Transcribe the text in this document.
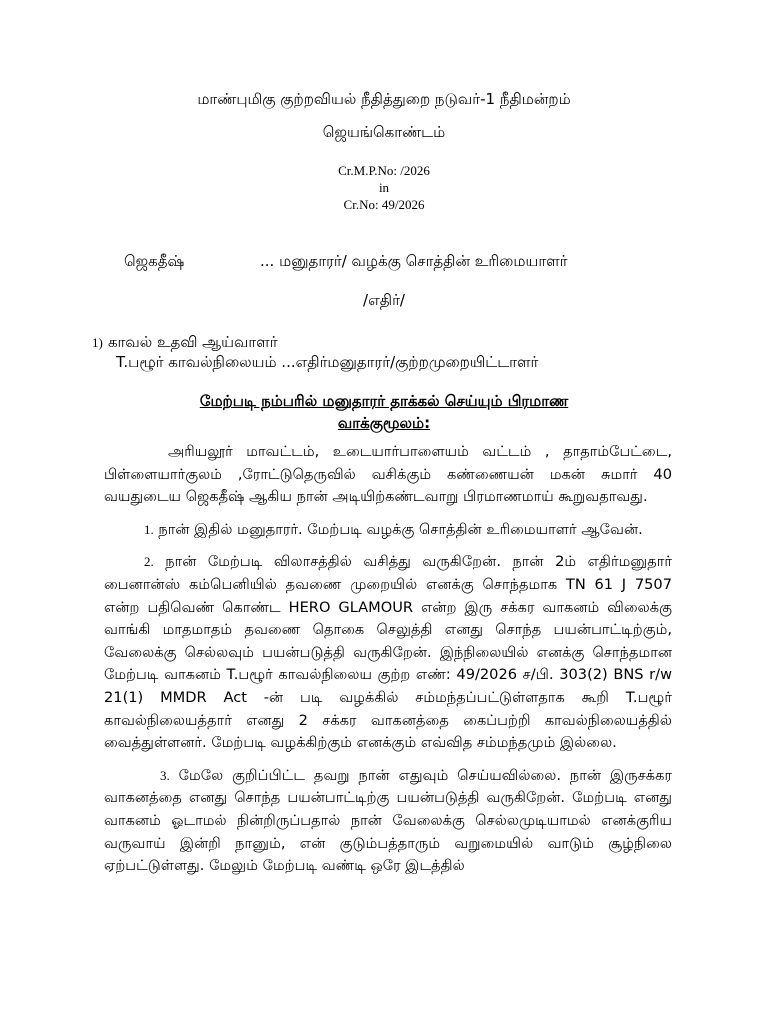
மாண்புமிகு குற்றவியல் நீதித்துறை நடுவர்-1 நீதிமன்றம்
ஜெயங்கொண்டம்
Cr.M.P.No: /2026
in
Cr.No: 49/2026
ஜெகதீஷ்	... மனுதாரர்/ வழக்கு சொத்தின் உரிமையாளர்
/எதிர்/
1) காவல் உதவி ஆய்வாளர்
T.பழூர் காவல்நிலையம் ...எதிர்மனுதாரர்/குற்றமுறையிட்டாளர்
மேற்படி நம்பரில் மனுதாரர் தாக்கல் செய்யும் பிரமாண
வாக்குமூலம்:

அரியலூர் மாவட்டம், உடையார்பாளையம் வட்டம் , தாதாம்பேட்டை, பிள்ளையார்குலம் ,ரோட்டுதெருவில் வசிக்கும் கண்ணையன் மகன் சுமார் 40 வயதுடைய ஜெகதீஷ் ஆகிய நான் அடியிற்கண்டவாறு பிரமாணமாய் கூறுவதாவது.

1. நான் இதில் மனுதாரர். மேற்படி வழக்கு சொத்தின் உரிமையாளர் ஆவேன்.

2. நான் மேற்படி விலாசத்தில் வசித்து வருகிறேன். நான் 2ம் எதிர்மனுதார் பைனான்ஸ் கம்பெனியில் தவணை முறையில் எனக்கு சொந்தமாக TN 61 J 7507 என்ற பதிவெண் கொண்ட HERO GLAMOUR என்ற இரு சக்கர வாகனம் விலைக்கு வாங்கி மாதமாதம் தவணை தொகை செலுத்தி எனது சொந்த பயன்பாட்டிற்கும், வேலைக்கு செல்லவும் பயன்படுத்தி வருகிறேன். இந்நிலையில் எனக்கு சொந்தமான மேற்படி வாகனம் T.பழூர் காவல்நிலைய குற்ற எண்: 49/2026 ச/பி. 303(2) BNS r/w 21(1) MMDR Act -ன் படி வழக்கில் சம்மந்தப்பட்டுள்ளதாக கூறி T.பழூர் காவல்நிலையத்தார் எனது 2 சக்கர வாகனத்தை கைப்பற்றி காவல்நிலையத்தில் வைத்துள்ளனர். மேற்படி வழக்கிற்கும் எனக்கும் எவ்வித சம்மந்தமும் இல்லை.

3. மேலே குறிப்பிட்ட தவறு நான் எதுவும் செய்யவில்லை. நான் இருசக்கர வாகனத்தை எனது சொந்த பயன்பாட்டிற்கு பயன்படுத்தி வருகிறேன். மேற்படி எனது வாகனம் ஓடாமல் நின்றிருப்பதால் நான் வேலைக்கு செல்லமுடியாமல் எனக்குரிய வருவாய் இன்றி நானும், என் குடும்பத்தாரும் வறுமையில் வாடும் சூழ்நிலை ஏற்பட்டுள்ளது. மேலும் மேற்படி வண்டி ஒரே இடத்தில்
